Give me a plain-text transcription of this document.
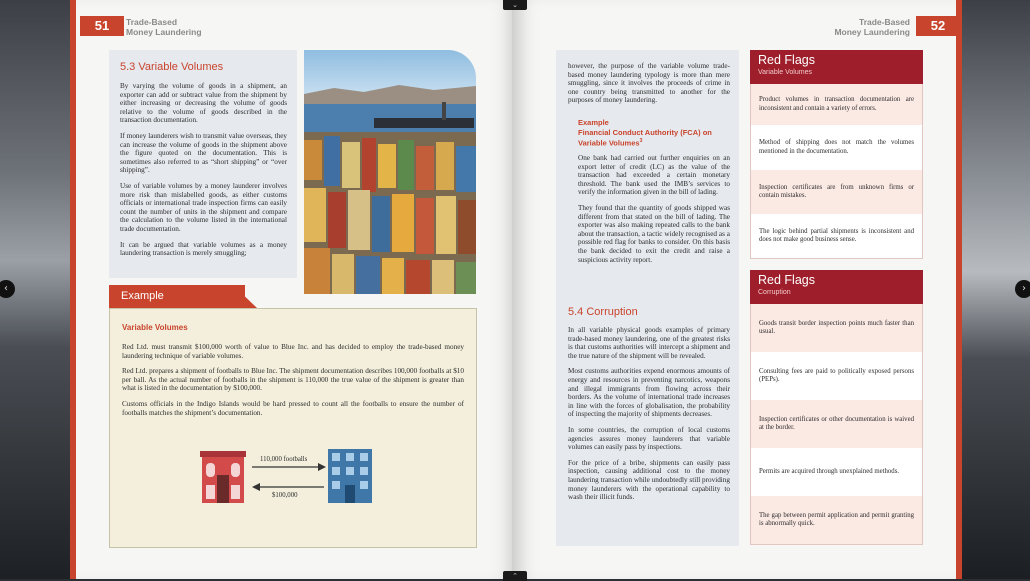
51	Trade-Based
Money Laundering
5.3 Variable Volumes

By varying the volume of goods in a shipment, an exporter can add or subtract value from the shipment by either increasing or decreasing the volume of goods relative to the volume of goods described in the transaction documentation.

If money launderers wish to transmit value overseas, they can increase the volume of goods in the shipment above the figure quoted on the documentation. This is sometimes also referred to as “short shipping” or “over shipping”.

Use of variable volumes by a money launderer involves more risk than mislabelled goods, as either customs officials or international trade inspection firms can easily count the number of units in the shipment and compare the calculation to the volume listed in the international trade documentation.

It can be argued that variable volumes as a money laundering transaction is merely smuggling;

Example
Variable Volumes

Red Ltd. must transmit $100,000 worth of value to Blue Inc. and has decided to employ the trade-based money laundering technique of variable volumes.

Red Ltd. prepares a shipment of footballs to Blue Inc. The shipment documentation describes 100,000 footballs at $10 per ball. As the actual number of footballs in the shipment is 110,000 the true value of the shipment is greater than what is listed in the documentation by $100,000.

Customs officials in the Indigo Islands would be hard pressed to count all the footballs to ensure the number of footballs matches the shipment’s documentation.

110,000 footballs
$100,000
Trade-Based
Money Laundering	52

however, the purpose of the variable volume trade-based money laundering typology is more than mere smuggling, since it involves the proceeds of crime in one country being transmitted to another for the purposes of money laundering.

Example
Financial Conduct Authority (FCA) on Variable Volumes$^3$

One bank had carried out further enquiries on an export letter of credit (LC) as the value of the transaction had exceeded a certain monetary threshold. The bank used the IMB’s services to verify the information given in the bill of lading.

They found that the quantity of goods shipped was different from that stated on the bill of lading. The exporter was also making repeated calls to the bank about the transaction, a tactic widely recognised as a possible red flag for banks to consider. On this basis the bank decided to exit the credit and raise a suspicious activity report.

5.4 Corruption

In all variable physical goods examples of primary trade-based money laundering, one of the greatest risks is that customs authorities will intercept a shipment and the true nature of the shipment will be revealed.

Most customs authorities expend enormous amounts of energy and resources in preventing narcotics, weapons and illegal immigrants from flowing across their borders. As the volume of international trade increases in line with the forces of globalisation, the probability of inspecting the majority of shipments decreases.

In some countries, the corruption of local customs agencies assures money launderers that variable volumes can easily pass by inspections.

For the price of a bribe, shipments can easily pass inspection, causing additional cost to the money laundering transaction while undoubtedly still providing money launderers with the operational capability to wash their illicit funds.

Red Flags
Variable Volumes
Product volumes in transaction documentation are inconsistent and contain a variety of errors.
Method of shipping does not match the volumes mentioned in the documentation.
Inspection certificates are from unknown firms or contain mistakes.
The logic behind partial shipments is inconsistent and does not make good business sense.
Red Flags
Corruption
Goods transit border inspection points much faster than usual.
Consulting fees are paid to politically exposed persons (PEPs).
Inspection certificates or other documentation is waived at the border.
Permits are acquired through unexplained methods.
The gap between permit application and permit granting is abnormally quick.
⌄
⌃
‹	›
